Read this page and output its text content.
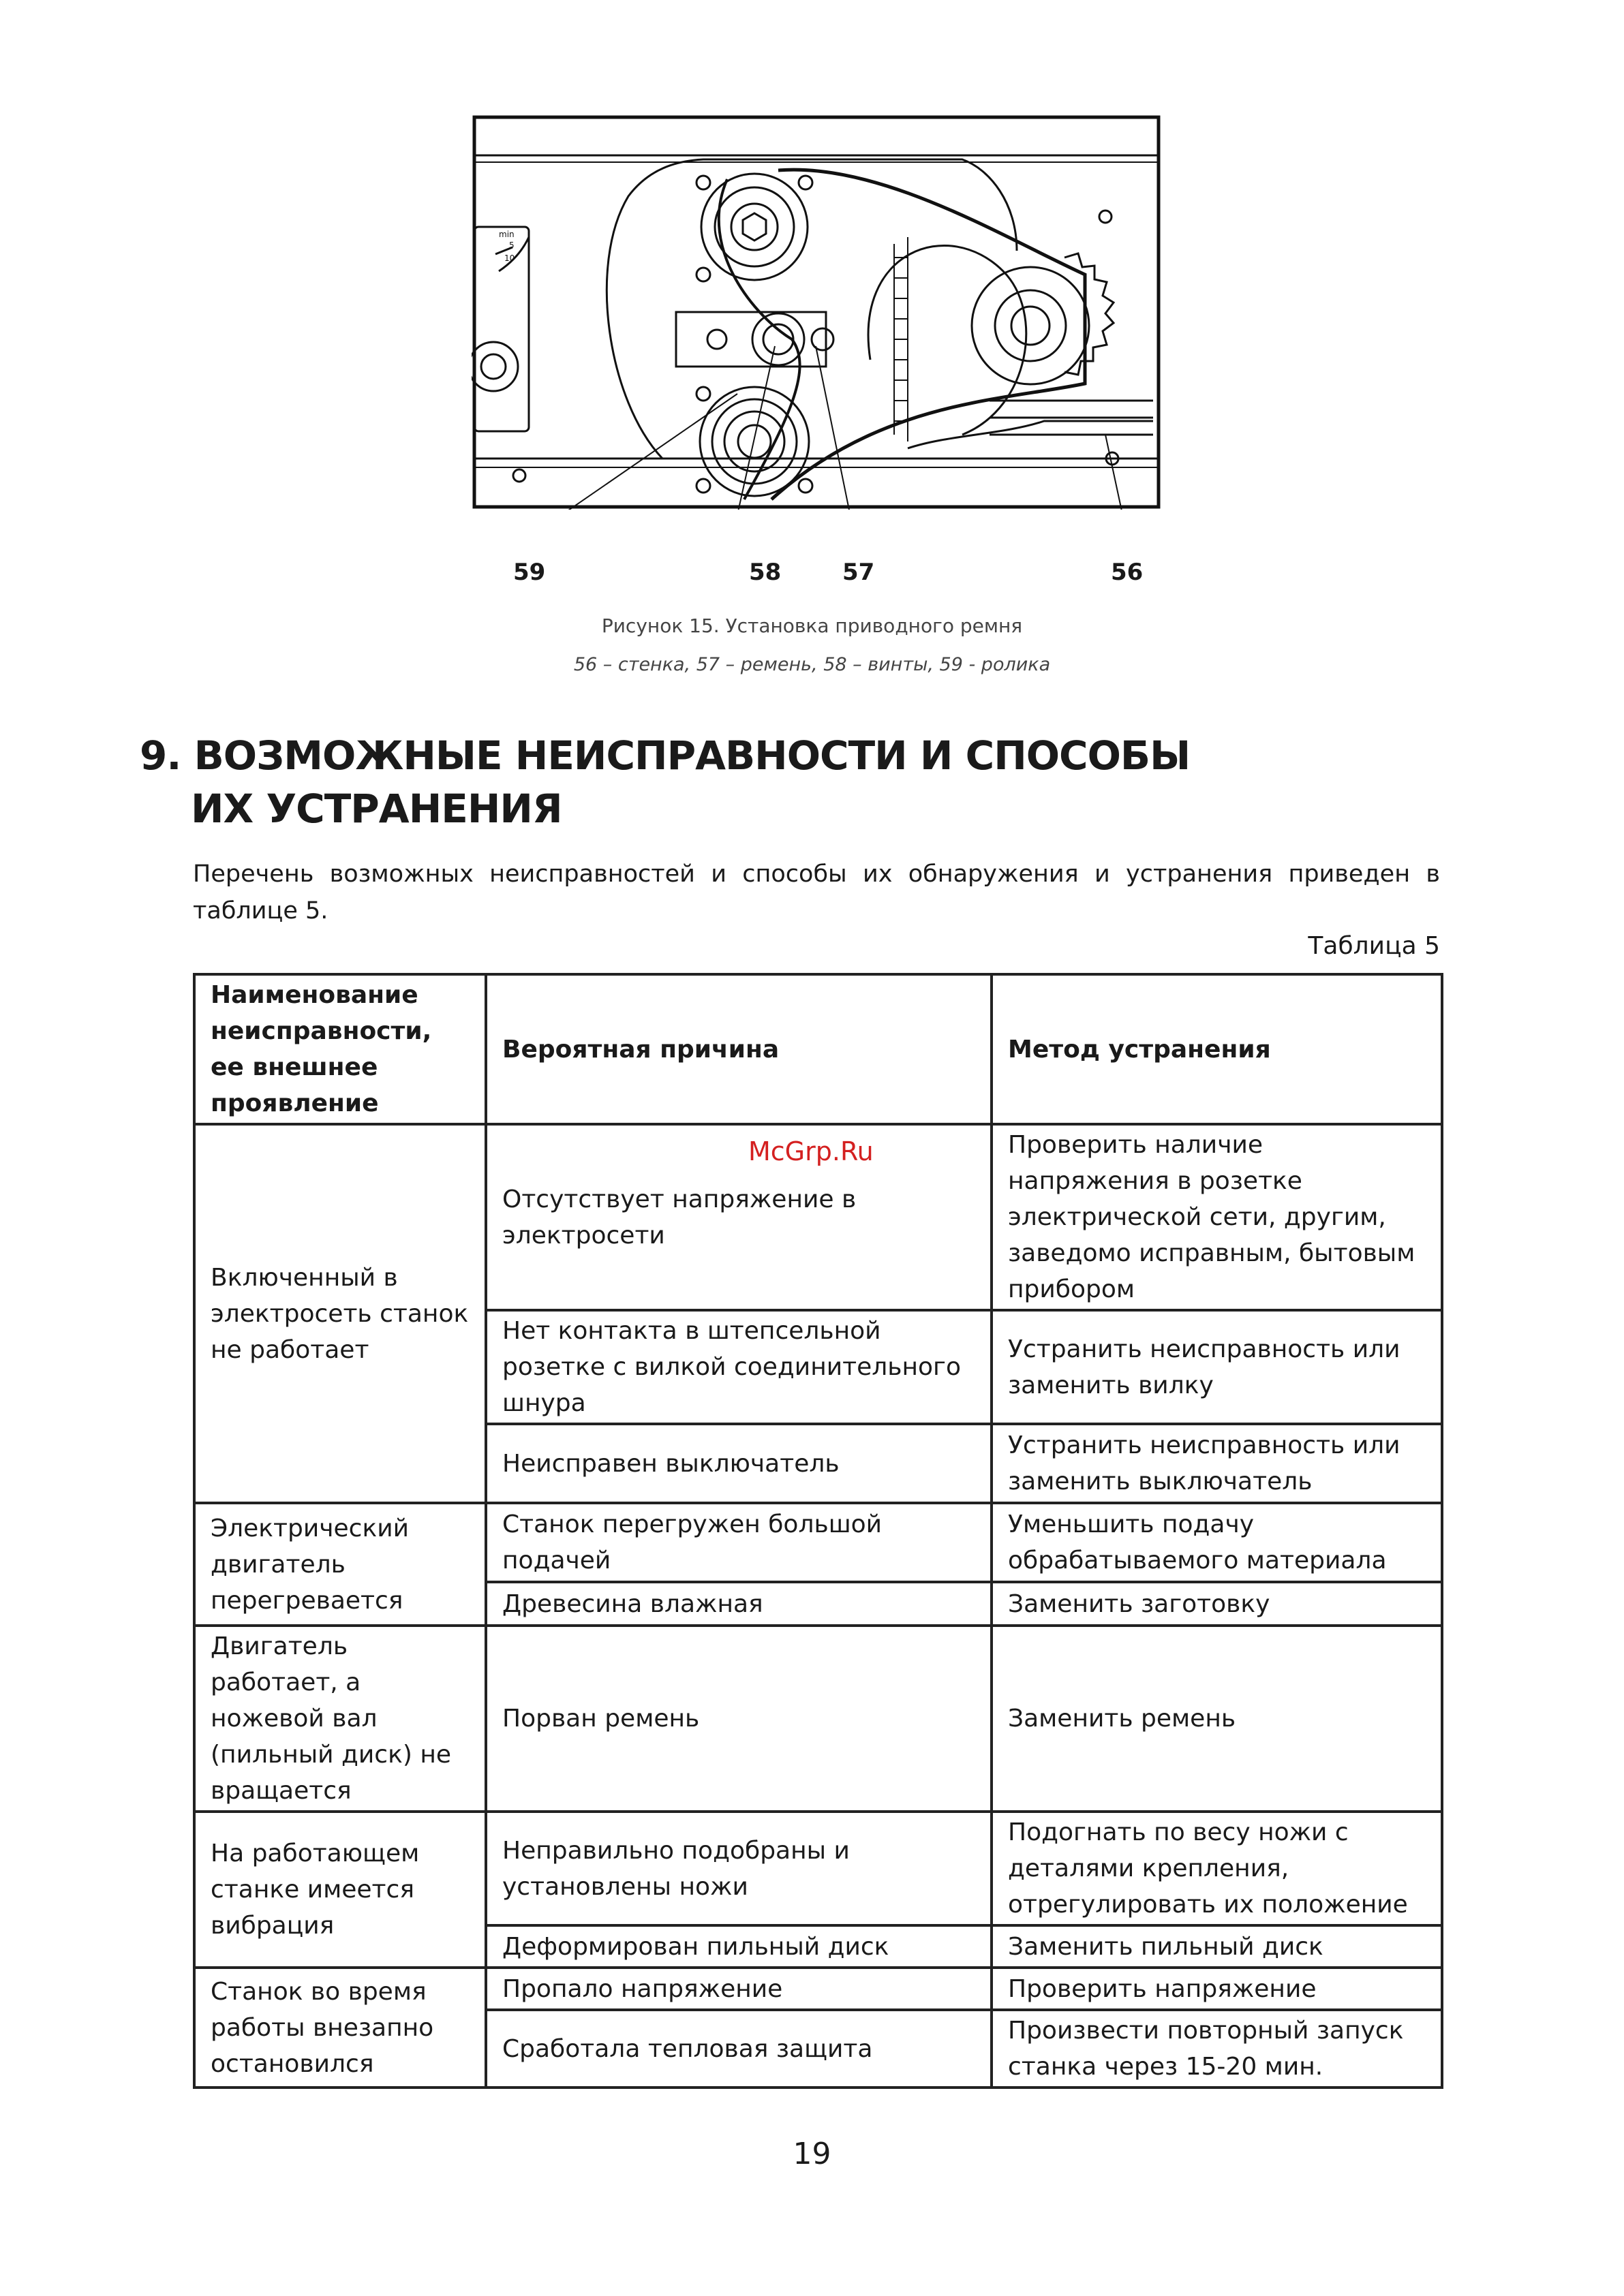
min
5
10
59	58	57	56
Рисунок 15. Установка приводного ремня
56 – стенка, 57 – ремень, 58 – винты, 59 - ролика
9. ВОЗМОЖНЫЕ НЕИСПРАВНОСТИ И СПОСОБЫ
ИХ УСТРАНЕНИЯ
Перечень возможных неисправностей и способы их обнаружения и устранения приведен в таблице 5.
Таблица 5
Наименование неисправности, ее внешнее проявление	Вероятная причина	Метод устранения
Включенный в электросеть станок не работает	Отсутствует напряжение в электросети	Проверить наличие напряжения в розетке электрической сети, другим, заведомо исправным, бытовым прибором
	Нет контакта в штепсельной розетке с вилкой соединительного шнура	Устранить неисправность или заменить вилку
	Неисправен выключатель	Устранить неисправность или заменить выключатель
Электрический двигатель перегревается	Станок перегружен большой подачей	Уменьшить подачу обрабатываемого материала
	Древесина влажная	Заменить заготовку
Двигатель работает, а ножевой вал (пильный диск) не вращается	Порван ремень	Заменить ремень
На работающем станке имеется вибрация	Неправильно подобраны и установлены ножи	Подогнать по весу ножи с деталями крепления, отрегулировать их положение
	Деформирован пильный диск	Заменить пильный диск
Станок во время работы внезапно остановился	Пропало напряжение	Проверить напряжение
	Сработала тепловая защита	Произвести повторный запуск станка через 15-20 мин.
McGrp.Ru
19
